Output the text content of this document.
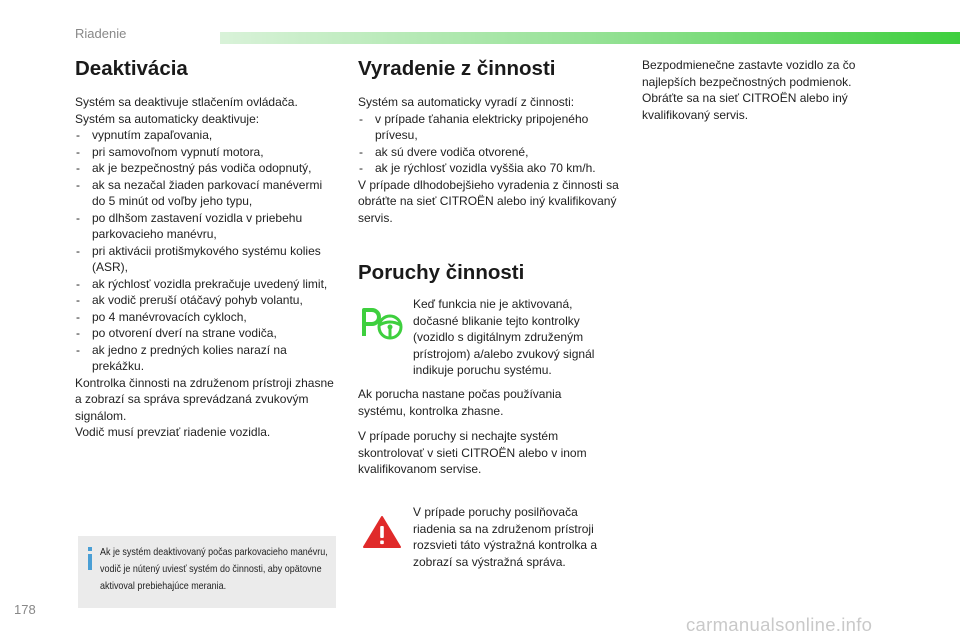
Riadenie
Deaktivácia

Systém sa deaktivuje stlačením ovládača.

Systém sa automaticky deaktivuje:

- vypnutím zapaľovania,
- pri samovoľnom vypnutí motora,
- ak je bezpečnostný pás vodiča odopnutý,
- ak sa nezačal žiaden parkovací manévermi do 5 minút od voľby jeho typu,
- po dlhšom zastavení vozidla v priebehu parkovacieho manévru,
- pri aktivácii protišmykového systému kolies (ASR),
- ak rýchlosť vozidla prekračuje uvedený limit,
- ak vodič preruší otáčavý pohyb volantu,
- po 4 manévrovacích cykloch,
- po otvorení dverí na strane vodiča,
- ak jedno z predných kolies narazí na prekážku.

Kontrolka činnosti na združenom prístroji zhasne a zobrazí sa správa sprevádzaná zvukovým signálom.

Vodič musí prevziať riadenie vozidla.

Ak je systém deaktivovaný počas parkovacieho manévru, vodič je nútený uviesť systém do činnosti, aby opätovne aktivoval prebiehajúce merania.
Vyradenie z činnosti

Systém sa automaticky vyradí z činnosti:

- v prípade ťahania elektricky pripojeného prívesu,
- ak sú dvere vodiča otvorené,
- ak je rýchlosť vozidla vyššia ako 70 km/h.

V prípade dlhodobejšieho vyradenia z činnosti sa obráťte na sieť CITROËN alebo iný kvalifikovaný servis.

Poruchy činnosti

Keď funkcia nie je aktivovaná, dočasné blikanie tejto kontrolky (vozidlo s digitálnym združeným prístrojom) a/alebo zvukový signál indikuje poruchu systému.

Ak porucha nastane počas používania systému, kontrolka zhasne.

V prípade poruchy si nechajte systém skontrolovať v sieti CITROËN alebo v inom kvalifikovanom servise.

V prípade poruchy posilňovača riadenia sa na združenom prístroji rozsvieti táto výstražná kontrolka a zobrazí sa výstražná správa.

Bezpodmienečne zastavte vozidlo za čo najlepších bezpečnostných podmienok. Obráťte sa na sieť CITROËN alebo iný kvalifikovaný servis.

178
carmanualsonline.info
